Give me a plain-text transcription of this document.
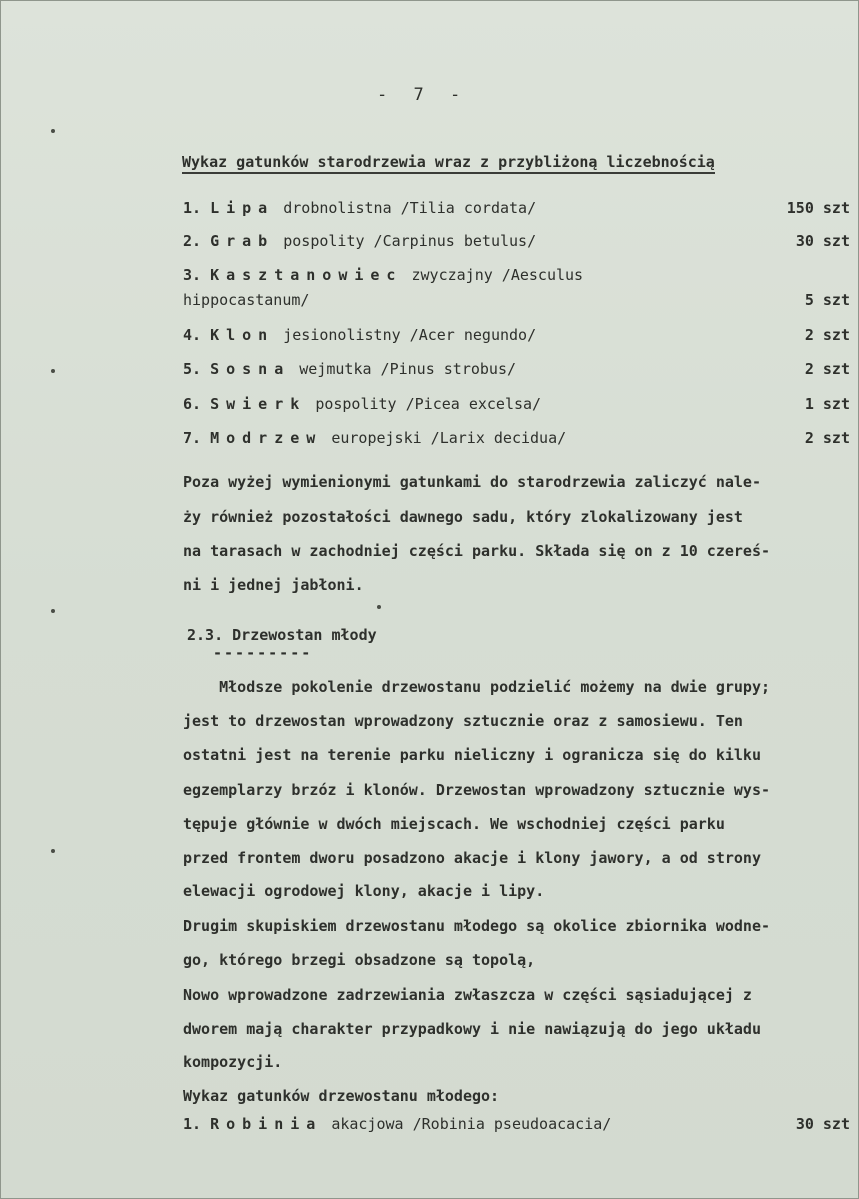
- 7 -
Wykaz gatunków starodrzewia wraz z przybliżoną liczebnością
1. Lipa drobnolistna /Tilia cordata/	150 szt
2. Grab pospolity /Carpinus betulus/	30 szt
3. Kasztanowiec zwyczajny /Aesculus
hippocastanum/	5 szt
4. Klon jesionolistny /Acer negundo/	2 szt
5. Sosna wejmutka /Pinus strobus/	2 szt
6. Swierk pospolity /Picea excelsa/	1 szt
7. Modrzew europejski /Larix decidua/	2 szt
Poza wyżej wymienionymi gatunkami do starodrzewia zaliczyć nale-
ży również pozostałości dawnego sadu, który zlokalizowany jest
na tarasach w zachodniej części parku. Składa się on z 10 czereś-
ni i jednej jabłoni.
2.3. Drzewostan młody
---------
Młodsze pokolenie drzewostanu podzielić możemy na dwie grupy;
jest to drzewostan wprowadzony sztucznie oraz z samosiewu. Ten
ostatni jest na terenie parku nieliczny i ogranicza się do kilku
egzemplarzy brzóz i klonów. Drzewostan wprowadzony sztucznie wys-
tępuje głównie w dwóch miejscach. We wschodniej części parku
przed frontem dworu posadzono akacje i klony jawory, a od strony
elewacji ogrodowej klony, akacje i lipy.
Drugim skupiskiem drzewostanu młodego są okolice zbiornika wodne-
go, którego brzegi obsadzone są topolą,
Nowo wprowadzone zadrzewiania zwłaszcza w części sąsiadującej z
dworem mają charakter przypadkowy i nie nawiązują do jego układu
kompozycji.
Wykaz gatunków drzewostanu młodego:
1. Robinia akacjowa /Robinia pseudoacacia/	30 szt
